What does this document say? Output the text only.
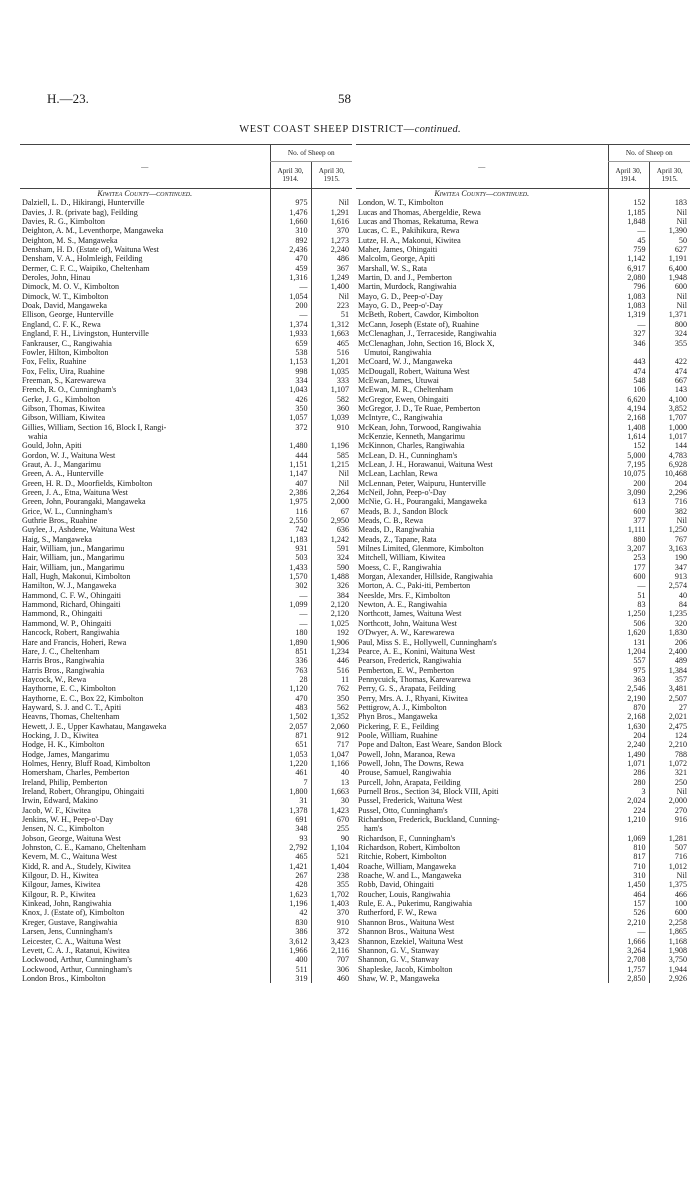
H.—23.	58
WEST COAST SHEEP DISTRICT—continued.
—	No. of Sheep on	
	April 30, 1914.	April 30, 1915.
Kiwitea County—continued.		
Dalziell, L. D., Hikirangi, Hunterville	975	Nil
Davies, J. R. (private bag), Feilding	1,476	1,291
Davies, R. G., Kimbolton	1,660	1,616
Deighton, A. M., Leventhorpe, Mangaweka	310	370
Deighton, M. S., Mangaweka	892	1,273
Densham, H. D. (Estate of), Waituna West	2,436	2,240
Densham, V. A., Holmleigh, Feilding	470	486
Dermer, C. F. C., Waipiko, Cheltenham	459	367
Deroles, John, Hinau	1,316	1,249
Dimock, M. O. V., Kimbolton	—	1,400
Dimock, W. T., Kimbolton	1,054	Nil
Doak, David, Mangaweka	200	223
Ellison, George, Hunterville	—	51
England, C. F. K., Rewa	1,374	1,312
England, F. H., Livingston, Hunterville	1,933	1,663
Fankrauser, C., Rangiwahia	659	465
Fowler, Hilton, Kimbolton	538	516
Fox, Felix, Ruahine	1,153	1,201
Fox, Felix, Uira, Ruahine	998	1,035
Freeman, S., Karewarewa	334	333
French, R. O., Cunningham's	1,043	1,107
Gerke, J. G., Kimbolton	426	582
Gibson, Thomas, Kiwitea	350	360
Gibson, William, Kiwitea	1,057	1,039
Gillies, William, Section 16, Block I, Rangi-	372	910
wahia		
Gould, John, Apiti	1,480	1,196
Gordon, W. J., Waituna West	444	585
Graut, A. J., Mangarimu	1,151	1,215
Green, A. A., Hunterville	1,147	Nil
Green, H. R. D., Moorfields, Kimbolton	407	Nil
Green, J. A., Etna, Waituna West	2,386	2,264
Green, John, Pourangaki, Mangaweka	1,975	2,000
Grice, W. L., Cunningham's	116	67
Guthrie Bros., Ruahine	2,550	2,950
Guylee, J., Ashdene, Waituna West	742	636
Haig, S., Mangaweka	1,183	1,242
Hair, William, jun., Mangarimu	931	591
Hair, William, jun., Mangarimu	503	324
Hair, William, jun., Mangarimu	1,433	590
Hall, Hugh, Makonui, Kimbolton	1,570	1,488
Hamilton, W. J., Mangaweka	302	326
Hammond, C. F. W., Ohingaiti	—	384
Hammond, Richard, Ohingaiti	1,099	2,120
Hammond, R., Ohingaiti	—	2,120
Hammond, W. P., Ohingaiti	—	1,025
Hancock, Robert, Rangiwahia	180	192
Hare and Francis, Hoheri, Rewa	1,890	1,906
Hare, J. C., Cheltenham	851	1,234
Harris Bros., Rangiwahia	336	446
Harris Bros., Rangiwahia	763	516
Haycock, W., Rewa	28	11
Haythorne, E. C., Kimbolton	1,120	762
Haythorne, E. C., Box 22, Kimbolton	470	350
Hayward, S. J. and C. T., Apiti	483	562
Heavns, Thomas, Cheltenham	1,502	1,352
Hewett, J. E., Upper Kawhatau, Mangaweka	2,057	2,060
Hocking, J. D., Kiwitea	871	912
Hodge, H. K., Kimbolton	651	717
Hodge, James, Mangarimu	1,053	1,047
Holmes, Henry, Bluff Road, Kimbolton	1,220	1,166
Homersham, Charles, Pemberton	461	40
Ireland, Philip, Pemberton	7	13
Ireland, Robert, Ohrangipu, Ohingaiti	1,800	1,663
Irwin, Edward, Makino	31	30
Jacob, W. F., Kiwitea	1,378	1,423
Jenkins, W. H., Peep-o'-Day	691	670
Jensen, N. C., Kimbolton	348	255
Jobson, George, Waituna West	93	90
Johnston, C. E., Kamano, Cheltenham	2,792	1,104
Kevern, M. C., Waituna West	465	521
Kidd, R. and A., Studely, Kiwitea	1,421	1,404
Kilgour, D. H., Kiwitea	267	238
Kilgour, James, Kiwitea	428	355
Kilgour, R. P., Kiwitea	1,623	1,702
Kinkead, John, Rangiwahia	1,196	1,403
Knox, J. (Estate of), Kimbolton	42	370
Kreger, Gustave, Rangiwahia	830	910
Larsen, Jens, Cunningham's	386	372
Leicester, C. A., Waituna West	3,612	3,423
Levett, C. A. J., Ratanui, Kiwitea	1,966	2,116
Lockwood, Arthur, Cunningham's	400	707
Lockwood, Arthur, Cunningham's	511	306
London Bros., Kimbolton	319	460
—	No. of Sheep on	
	April 30, 1914.	April 30, 1915.
Kiwitea County—continued.		
London, W. T., Kimbolton	152	183
Lucas and Thomas, Abergeldie, Rewa	1,185	Nil
Lucas and Thomas, Rekatuma, Rewa	1,848	Nil
Lucas, C. E., Pakihikura, Rewa	—	1,390
Lutze, H. A., Makonui, Kiwitea	45	50
Maher, James, Ohingaiti	759	627
Malcolm, George, Apiti	1,142	1,191
Marshall, W. S., Rata	6,917	6,400
Martin, D. and J., Pemberton	2,080	1,948
Martin, Murdock, Rangiwahia	796	600
Mayo, G. D., Peep-o'-Day	1,083	Nil
Mayo, G. D., Peep-o'-Day	1,083	Nil
McBeth, Robert, Cawdor, Kimbolton	1,319	1,371
McCann, Joseph (Estate of), Ruahine	—	800
McClenaghan, J., Terraceside, Rangiwahia	327	324
McClenaghan, John, Section 16, Block X,	346	355
Umutoi, Rangiwahia		
McCoard, W. J., Mangaweka	443	422
McDougall, Robert, Waituna West	474	474
McEwan, James, Utuwai	548	667
McEwan, M. R., Cheltenham	106	143
McGregor, Ewen, Ohingaiti	6,620	4,100
McGregor, J. D., Te Ruae, Pemberton	4,194	3,852
McIntyre, C., Rangiwahia	2,168	1,707
McKean, John, Torwood, Rangiwahia	1,408	1,000
McKenzie, Kenneth, Mangarimu	1,614	1,017
McKinnon, Charles, Rangiwahia	152	144
McLean, D. H., Cunningham's	5,000	4,783
McLean, J. H., Horawanui, Waituna West	7,195	6,928
McLean, Lachlan, Rewa	10,075	10,468
McLennan, Peter, Waipuru, Hunterville	200	204
McNeil, John, Peep-o'-Day	3,090	2,296
McNie, G. H., Pourangaki, Mangaweka	613	716
Meads, B. J., Sandon Block	600	382
Meads, C. B., Rewa	377	Nil
Meads, D., Rangiwahia	1,111	1,250
Meads, Z., Tapane, Rata	880	767
Milnes Limited, Glenmore, Kimbolton	3,207	3,163
Mitchell, William, Kiwitea	253	190
Moess, C. F., Rangiwahia	177	347
Morgan, Alexander, Hillside, Rangiwahia	600	913
Morton, A. C., Paki-iti, Pemberton	—	2,574
Neeslde, Mrs. F., Kimbolton	51	40
Newton, A. E., Rangiwahia	83	84
Northcott, James, Waituna West	1,250	1,235
Northcott, John, Waituna West	506	320
O'Dwyer, A. W., Karewarewa	1,620	1,830
Paul, Miss S. E., Hollywell, Cunningham's	131	206
Pearce, A. E., Konini, Waituna West	1,204	2,400
Pearson, Frederick, Rangiwahia	557	489
Pemberton, E. W., Pemberton	975	1,384
Pennycuick, Thomas, Karewarewa	363	357
Perry, G. S., Arapata, Feilding	2,546	3,481
Perry, Mrs. A. J., Rhyani, Kiwitea	2,190	2,507
Pettigrow, A. J., Kimbolton	870	27
Phyn Bros., Mangaweka	2,168	2,021
Pickering, F. E., Feilding	1,630	2,475
Poole, William, Ruahine	204	124
Pope and Dalton, East Weare, Sandon Block	2,240	2,210
Powell, John, Maranoa, Rewa	1,490	788
Powell, John, The Downs, Rewa	1,071	1,072
Prouse, Samuel, Rangiwahia	286	321
Purcell, John, Arapata, Feilding	280	250
Purnell Bros., Section 34, Block VIII, Apiti	3	Nil
Pussel, Frederick, Waituna West	2,024	2,000
Pussel, Otto, Cunningham's	224	270
Richardson, Frederick, Buckland, Cunning-	1,210	916
ham's		
Richardson, F., Cunningham's	1,069	1,281
Richardson, Robert, Kimbolton	810	507
Ritchie, Robert, Kimbolton	817	716
Roache, William, Mangaweka	710	1,012
Roache, W. and L., Mangaweka	310	Nil
Robb, David, Ohingaiti	1,450	1,375
Roucher, Louis, Rangiwahia	464	466
Rule, E. A., Pukerimu, Rangiwahia	157	100
Rutherford, F. W., Rewa	526	600
Shannon Bros., Waituna West	2,210	2,258
Shannon Bros., Waituna West	—	1,865
Shannon, Ezekiel, Waituna West	1,666	1,168
Shannon, G. V., Stanway	3,264	1,908
Shannon, G. V., Stanway	2,708	3,750
Shapleske, Jacob, Kimbolton	1,757	1,944
Shaw, W. P., Mangaweka	2,850	2,926
